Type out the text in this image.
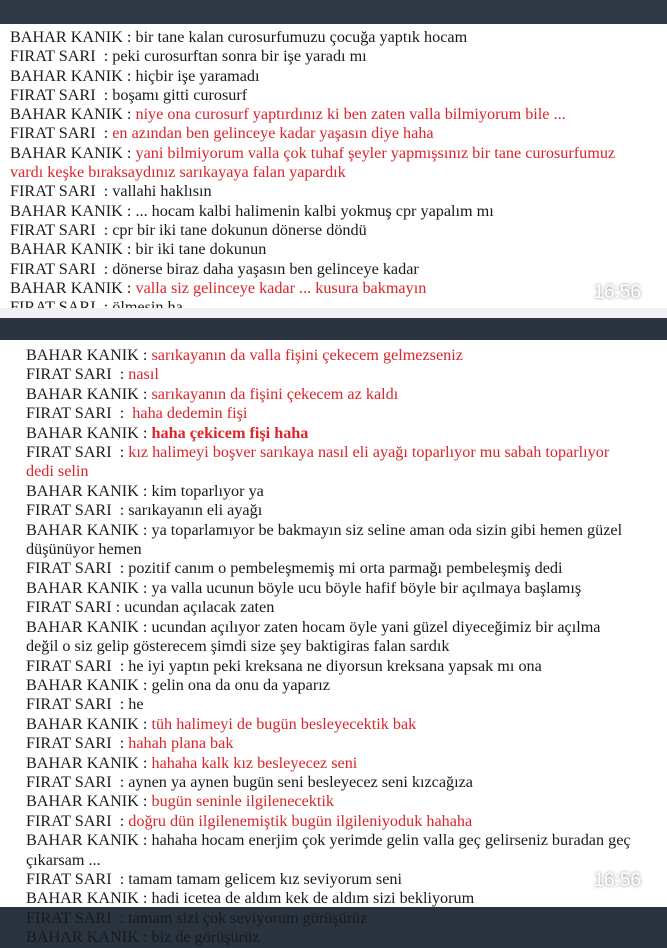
BAHAR KANIK : bir tane kalan curosurfumuzu çocuğa yaptık hocam
FIRAT SARI  : peki curosurftan sonra bir işe yaradı mı
BAHAR KANIK : hiçbir işe yaramadı
FIRAT SARI  : boşamı gitti curosurf
BAHAR KANIK : niye ona curosurf yaptırdınız ki ben zaten valla bilmiyorum bile ...
FIRAT SARI  : en azından ben gelinceye kadar yaşasın diye haha
BAHAR KANIK : yani bilmiyorum valla çok tuhaf şeyler yapmışsınız bir tane curosurfumuz vardı keşke bıraksaydınız sarıkayaya falan yapardık
FIRAT SARI  : vallahi haklısın
BAHAR KANIK : ... hocam kalbi halimenin kalbi yokmuş cpr yapalım mı
FIRAT SARI  : cpr bir iki tane dokunun dönerse döndü
BAHAR KANIK : bir iki tane dokunun
FIRAT SARI  : dönerse biraz daha yaşasın ben gelinceye kadar
BAHAR KANIK : valla siz gelinceye kadar ... kusura bakmayın	16:56
BAHAR KANIK : sarıkayanın da valla fişini çekecem gelmezseniz
FIRAT SARI  : nasıl
BAHAR KANIK : sarıkayanın da fişini çekecem az kaldı
FIRAT SARI  :  haha dedemin fişi
BAHAR KANIK : haha çekicem fişi haha
FIRAT SARI  : kız halimeyi boşver sarıkaya nasıl eli ayağı toparlıyor mu sabah toparlıyor dedi selin
BAHAR KANIK : kim toparlıyor ya
FIRAT SARI  : sarıkayanın eli ayağı
BAHAR KANIK : ya toparlamıyor be bakmayın siz seline aman oda sizin gibi hemen güzel düşünüyor hemen
FIRAT SARI  : pozitif canım o pembeleşmemiş mi orta parmağı pembeleşmiş dedi
BAHAR KANIK : ya valla ucunun böyle ucu böyle hafif böyle bir açılmaya başlamış
FIRAT SARI : ucundan açılacak zaten
BAHAR KANIK : ucundan açılıyor zaten hocam öyle yani güzel diyeceğimiz bir açılma değil o siz gelip gösterecem şimdi size şey baktigiras falan sardık
FIRAT SARI  : he iyi yaptın peki kreksana ne diyorsun kreksana yapsak mı ona
BAHAR KANIK : gelin ona da onu da yaparız
FIRAT SARI  : he
BAHAR KANIK : tüh halimeyi de bugün besleyecektik bak
FIRAT SARI  : hahah plana bak
BAHAR KANIK : hahaha kalk kız besleyecez seni
FIRAT SARI  : aynen ya aynen bugün seni besleyecez seni kızcağıza
BAHAR KANIK : bugün seninle ilgilenecektik
FIRAT SARI  : doğru dün ilgilenemiştik bugün ilgileniyoduk hahaha
BAHAR KANIK : hahaha hocam enerjim çok yerimde gelin valla geç gelirseniz buradan geç çıkarsam ...
FIRAT SARI  : tamam tamam gelicem kız seviyorum seni
BAHAR KANIK : hadi icetea de aldım kek de aldım sizi bekliyorum
FIRAT SARI  : tamam sizi çok seviyorum görüşürüz
BAHAR KANIK : biz de görüşürüz
16:56
